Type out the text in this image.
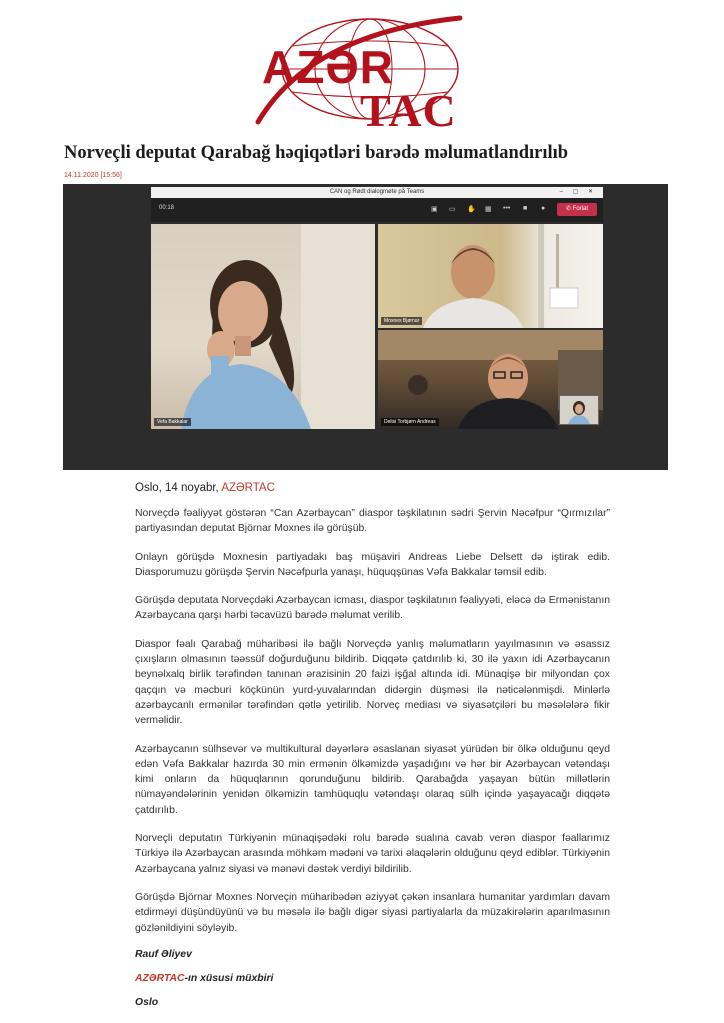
AZƏR
TAC
Norveçli deputat Qarabağ həqiqətləri barədə məlumatlandırılıb
14.11.2020 [15:56]
CAN og Rødt dialogmøte på Teams	– ▢ ✕
00:18	▣ ▭ ✋ ▦ ••• ■ ●	✆ Forlat
Vefa Bakkalar
Moxnes Bjørnar
Delisi Torbjørn Andreas

Oslo, 14 noyabr, AZƏRTAC

Norveçdə fəaliyyət göstərən “Can Azərbaycan” diaspor təşkilatının sədri Şervin Nəcəfpur “Qırmızılar” partiyasından deputat Björnar Moxnes ilə görüşüb.

Onlayn görüşdə Moxnesin partiyadakı baş müşaviri Andreas Liebe Delsett də iştirak edib. Diasporumuzu görüşdə Şervin Nəcəfpurla yanaşı, hüquqşünas Vəfa Bakkalar təmsil edib.

Görüşdə deputata Norveçdəki Azərbaycan icması, diaspor təşkilatının fəaliyyəti, eləcə də Ermənistanın Azərbaycana qarşı hərbi təcavüzü barədə məlumat verilib.

Diaspor fəalı Qarabağ müharibəsi ilə bağlı Norveçdə yanlış məlumatların yayılmasının və əsassız çıxışların olmasının təəssüf doğurduğunu bildirib. Diqqətə çatdırılıb ki, 30 ilə yaxın idi Azərbaycanın beynəlxalq birlik tərəfindən tanınan ərazisinin 20 faizi işğal altında idi. Münaqişə bir milyondan çox qaçqın və məcburi köçkünün yurd-yuvalarından didərgin düşməsi ilə nəticələnmişdi. Minlərlə azərbaycanlı ermənilər tərəfindən qətlə yetirilib. Norveç mediası və siyasətçiləri bu məsələlərə fikir verməlidir.

Azərbaycanın sülhsevər və multikultural dəyərlərə əsaslanan siyasət yürüdən bir ölkə olduğunu qeyd edən Vəfa Bakkalar hazırda 30 min ermənin ölkəmizdə yaşadığını və hər bir Azərbaycan vətəndaşı kimi onların da hüquqlarının qorunduğunu bildirib. Qarabağda yaşayan bütün millətlərin nümayəndələrinin yenidən ölkəmizin tamhüquqlu vətəndaşı olaraq sülh içində yaşayacağı diqqətə çatdırılıb.

Norveçli deputatın Türkiyənin münaqişədəki rolu barədə sualına cavab verən diaspor fəallarımız Türkiyə ilə Azərbaycan arasında möhkəm mədəni və tarixi əlaqələrin olduğunu qeyd ediblər. Türkiyənin Azərbaycana yalnız siyasi və mənəvi dəstək verdiyi bildirilib.

Görüşdə Björnar Moxnes Norveçin müharibədən əziyyət çəkən insanlara humanitar yardımları davam etdirməyi düşündüyünü və bu məsələ ilə bağlı digər siyasi partiyalarla da müzakirələrin aparılmasının gözlənildiyini söyləyib.

Rauf Əliyev

AZƏRTAC-ın xüsusi müxbiri

Oslo
